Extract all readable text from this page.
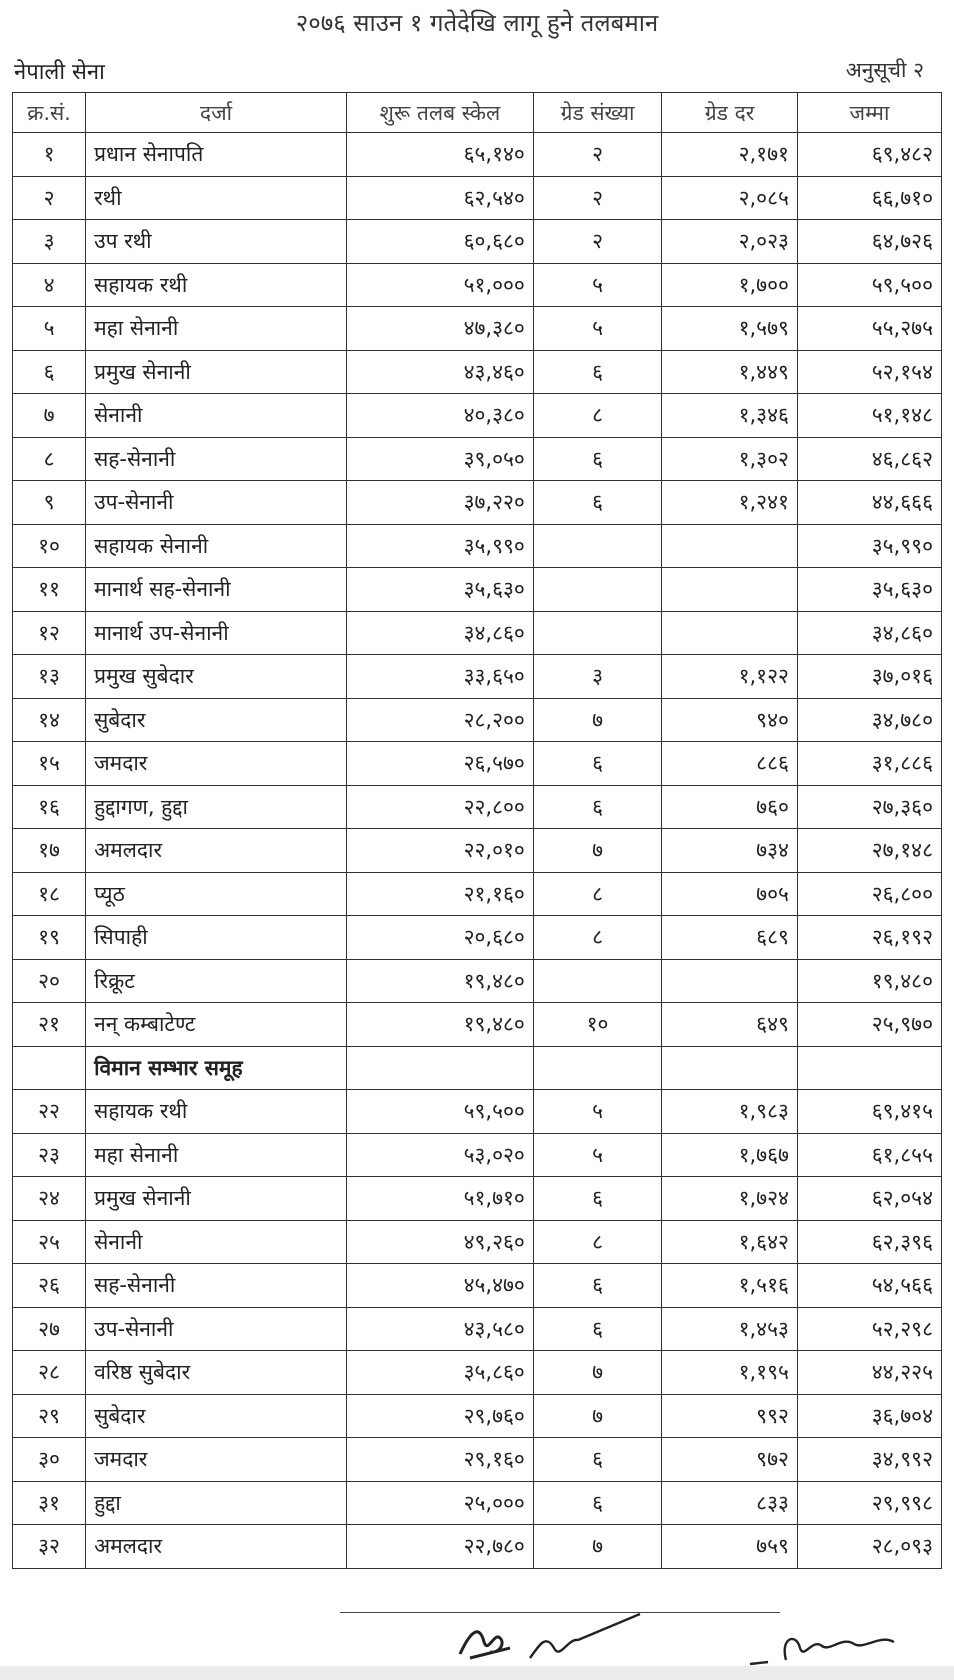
२०७६ साउन १ गतेदेखि लागू हुने तलबमान
नेपाली सेना	अनुसूची २
क्र.सं.	दर्जा	शुरू तलब स्केल	ग्रेड संख्या	ग्रेड दर	जम्मा
१	प्रधान सेनापति	६५,१४०	२	२,१७१	६९,४८२
२	रथी	६२,५४०	२	२,०८५	६६,७१०
३	उप रथी	६०,६८०	२	२,०२३	६४,७२६
४	सहायक रथी	५१,०००	५	१,७००	५९,५००
५	महा सेनानी	४७,३८०	५	१,५७९	५५,२७५
६	प्रमुख सेनानी	४३,४६०	६	१,४४९	५२,१५४
७	सेनानी	४०,३८०	८	१,३४६	५१,१४८
८	सह-सेनानी	३९,०५०	६	१,३०२	४६,८६२
९	उप-सेनानी	३७,२२०	६	१,२४१	४४,६६६
१०	सहायक सेनानी	३५,९९०			३५,९९०
११	मानार्थ सह-सेनानी	३५,६३०			३५,६३०
१२	मानार्थ उप-सेनानी	३४,८६०			३४,८६०
१३	प्रमुख सुबेदार	३३,६५०	३	१,१२२	३७,०१६
१४	सुबेदार	२८,२००	७	९४०	३४,७८०
१५	जमदार	२६,५७०	६	८८६	३१,८८६
१६	हुद्दागण, हुद्दा	२२,८००	६	७६०	२७,३६०
१७	अमलदार	२२,०१०	७	७३४	२७,१४८
१८	प्यूठ	२१,१६०	८	७०५	२६,८००
१९	सिपाही	२०,६८०	८	६८९	२६,१९२
२०	रिक्रूट	१९,४८०			१९,४८०
२१	नन् कम्बाटेण्ट	१९,४८०	१०	६४९	२५,९७०
	विमान सम्भार समूह				
२२	सहायक रथी	५९,५००	५	१,९८३	६९,४१५
२३	महा सेनानी	५३,०२०	५	१,७६७	६१,८५५
२४	प्रमुख सेनानी	५१,७१०	६	१,७२४	६२,०५४
२५	सेनानी	४९,२६०	८	१,६४२	६२,३९६
२६	सह-सेनानी	४५,४७०	६	१,५१६	५४,५६६
२७	उप-सेनानी	४३,५८०	६	१,४५३	५२,२९८
२८	वरिष्ठ सुबेदार	३५,८६०	७	१,१९५	४४,२२५
२९	सुबेदार	२९,७६०	७	९९२	३६,७०४
३०	जमदार	२९,१६०	६	९७२	३४,९९२
३१	हुद्दा	२५,०००	६	८३३	२९,९९८
३२	अमलदार	२२,७८०	७	७५९	२८,०९३
